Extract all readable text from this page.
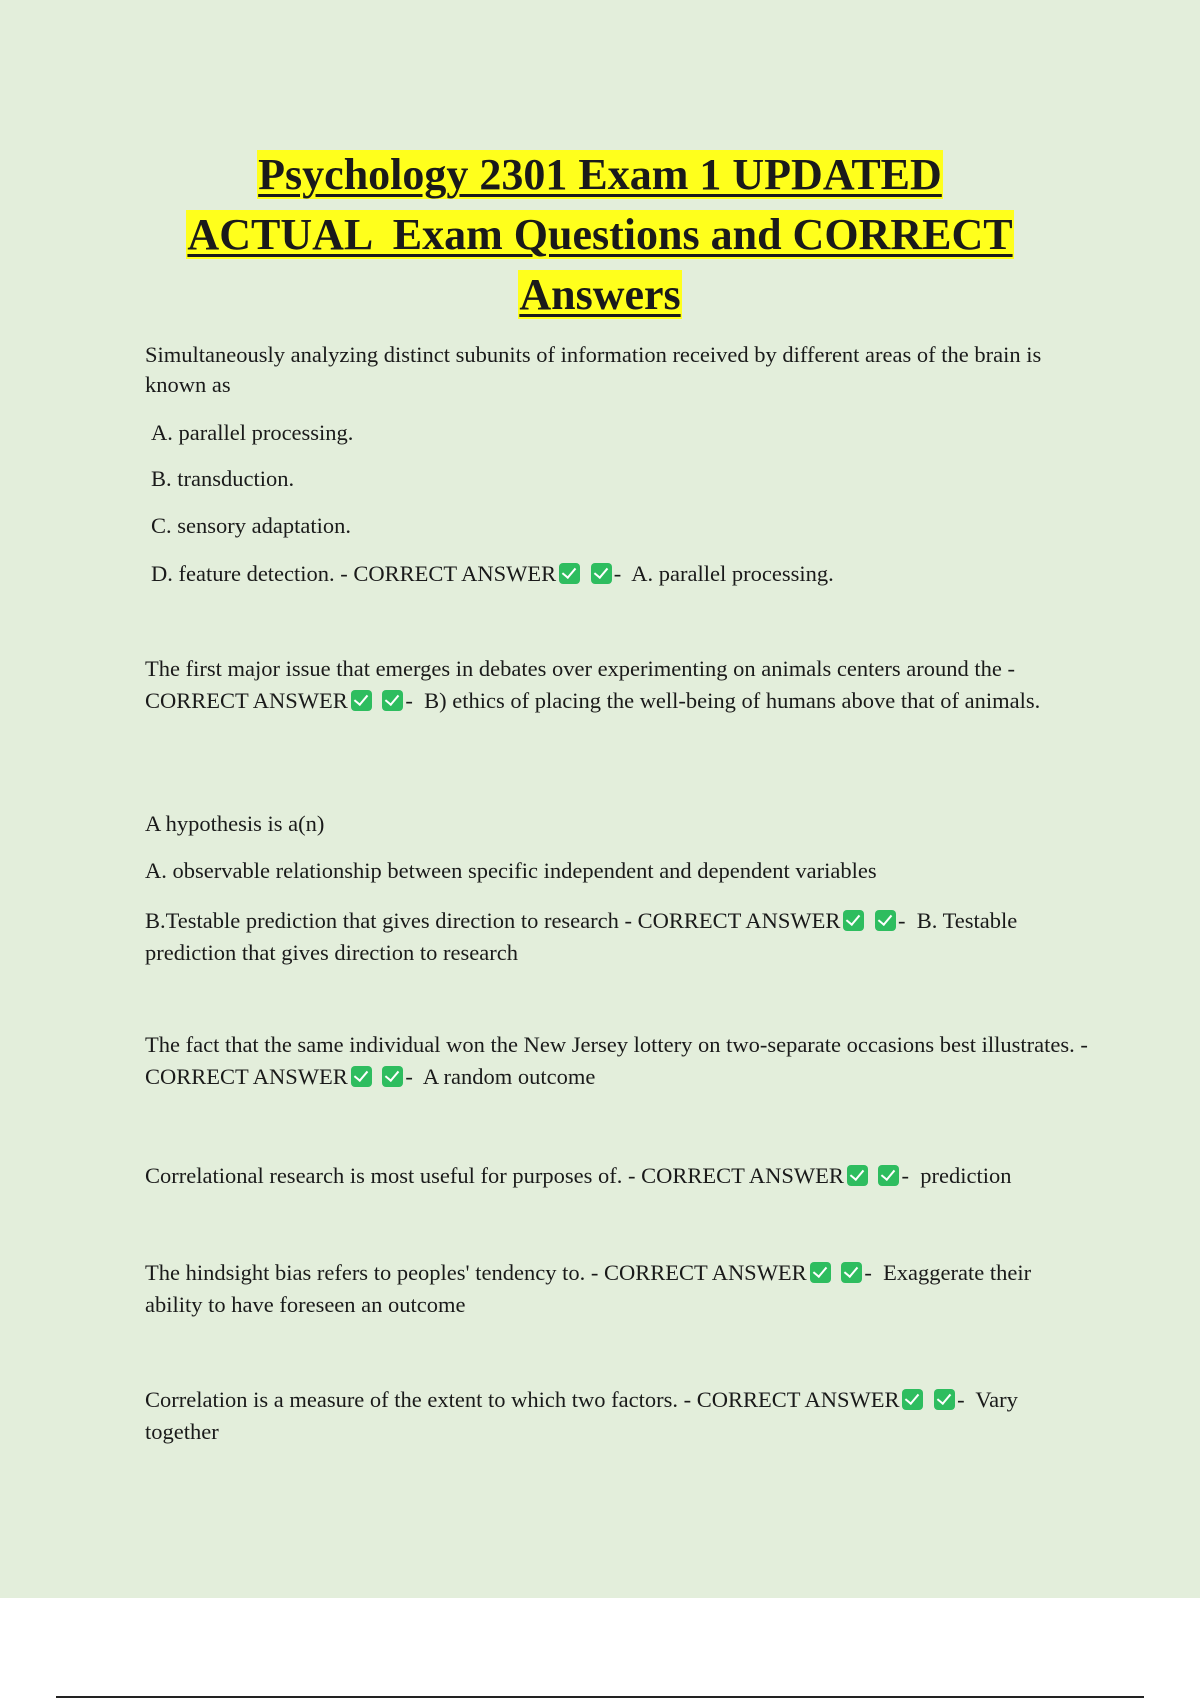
Psychology 2301 Exam 1 UPDATED
ACTUAL  Exam Questions and CORRECT
Answers

Simultaneously analyzing distinct subunits of information received by different areas of the brain is known as

A. parallel processing.

B. transduction.

C. sensory adaptation.

D. feature detection. - CORRECT ANSWER	-  A. parallel processing.

The first major issue that emerges in debates over experimenting on animals centers around the - CORRECT ANSWER	-  B) ethics of placing the well-being of humans above that of animals.

A hypothesis is a(n)

A. observable relationship between specific independent and dependent variables

B.Testable prediction that gives direction to research - CORRECT ANSWER	-  B. Testable prediction that gives direction to research

The fact that the same individual won the New Jersey lottery on two-separate occasions best illustrates. - CORRECT ANSWER	-  A random outcome

Correlational research is most useful for purposes of. - CORRECT ANSWER	-  prediction

The hindsight bias refers to peoples' tendency to. - CORRECT ANSWER	-  Exaggerate their ability to have foreseen an outcome

Correlation is a measure of the extent to which two factors. - CORRECT ANSWER	-  Vary together
